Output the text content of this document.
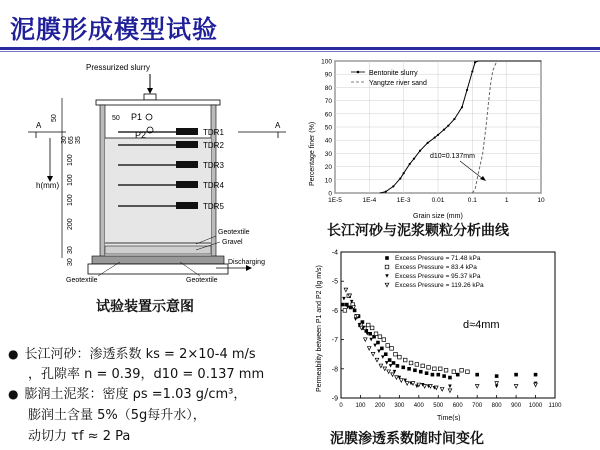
泥膜形成模型试验
A	A
h(mm)
50
30 65 35
100
100
100
200
30
30
Pressurized slurry
50 P1
P2	TDR1
TDR2
TDR3
TDR4
TDR5
Geotextile
Gravel
Discharging
Geotextile	Geotextile
试验装置示意图
0
10
20
30
40
50
60
70
80
90
100
1E-5	1E-4	1E-3	0.01	0.1	1	10
Percentage finer (%)
Grain size (mm)
Bentonite slurry
Yangtze river sand
d10=0.137mm
长江河砂与泥浆颗粒分析曲线
-4
-5
-6
-7
-8
-9
0 100 200 300 400 500 600 700 800 900 1000 1100
Permeability between P1 and P2 (lg m/s)
Time(s)
Excess Pressure = 71.48 kPa
Excess Pressure = 83.4 kPa
Excess Pressure = 95.37 kPa
Excess Pressure = 119.26 kPa
d≈4mm
泥膜渗透系数随时间变化
● 长江河砂：渗透系数 ks = 2×10-4 m/s
，孔隙率 n = 0.39，d10 = 0.137 mm
● 膨润土泥浆：密度 ρs =1.03 g/cm³，
膨润土含量 5%（5g每升水），
动切力 τf ≈ 2 Pa
